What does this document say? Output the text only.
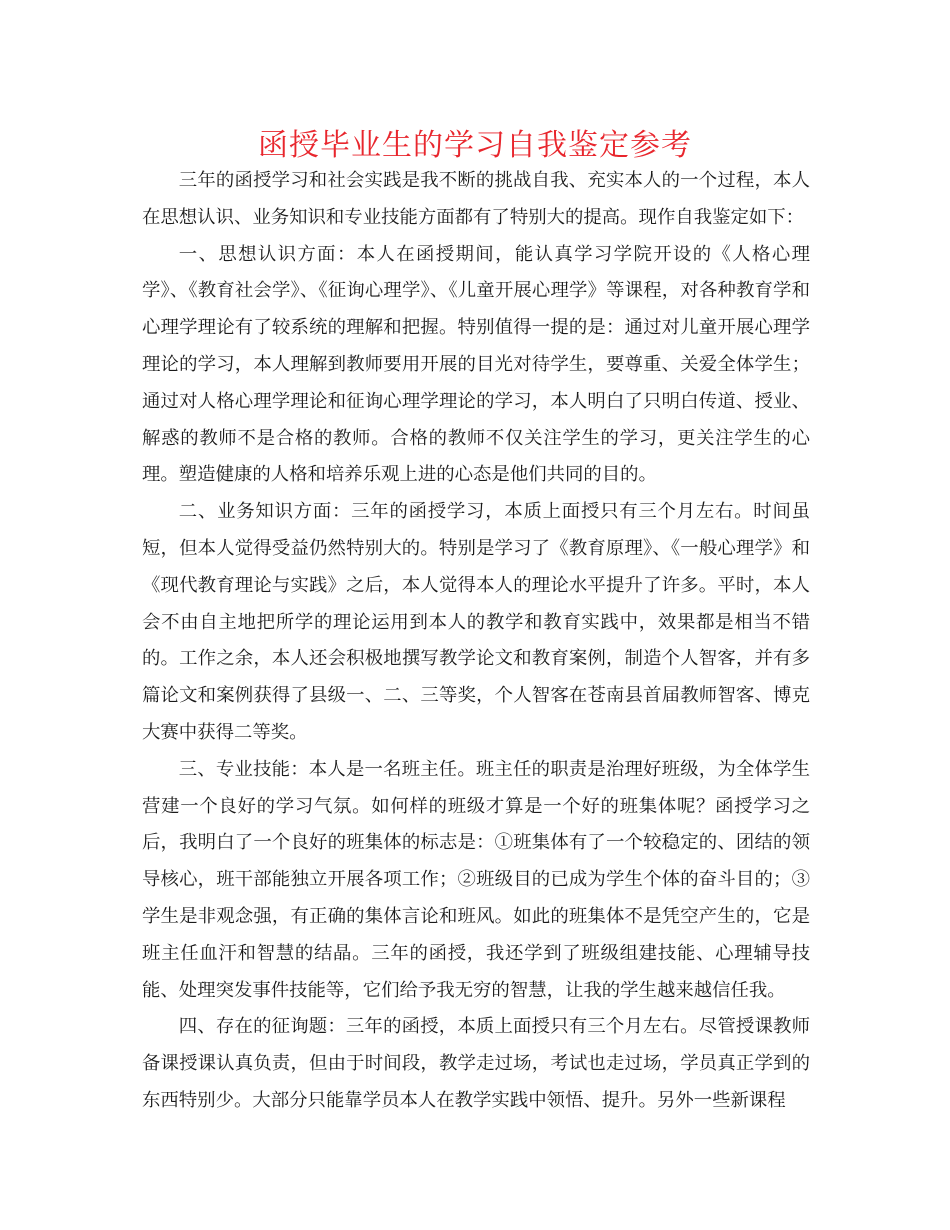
函授毕业生的学习自我鉴定参考

三年的函授学习和社会实践是我不断的挑战自我、充实本人的一个过程，本人在思想认识、业务知识和专业技能方面都有了特别大的提高。现作自我鉴定如下：

一、思想认识方面：本人在函授期间，能认真学习学院开设的《人格心理学》、《教育社会学》、《征询心理学》、《儿童开展心理学》等课程，对各种教育学和心理学理论有了较系统的理解和把握。特别值得一提的是：通过对儿童开展心理学理论的学习，本人理解到教师要用开展的目光对待学生，要尊重、关爱全体学生；通过对人格心理学理论和征询心理学理论的学习，本人明白了只明白传道、授业、解惑的教师不是合格的教师。合格的教师不仅关注学生的学习，更关注学生的心理。塑造健康的人格和培养乐观上进的心态是他们共同的目的。

二、业务知识方面：三年的函授学习，本质上面授只有三个月左右。时间虽短，但本人觉得受益仍然特别大的。特别是学习了《教育原理》、《一般心理学》和《现代教育理论与实践》之后，本人觉得本人的理论水平提升了许多。平时，本人会不由自主地把所学的理论运用到本人的教学和教育实践中，效果都是相当不错的。工作之余，本人还会积极地撰写教学论文和教育案例，制造个人智客，并有多篇论文和案例获得了县级一、二、三等奖，个人智客在苍南县首届教师智客、博克大赛中获得二等奖。

三、专业技能：本人是一名班主任。班主任的职责是治理好班级，为全体学生营建一个良好的学习气氛。如何样的班级才算是一个好的班集体呢？函授学习之后，我明白了一个良好的班集体的标志是：①班集体有了一个较稳定的、团结的领导核心，班干部能独立开展各项工作；②班级目的已成为学生个体的奋斗目的；③学生是非观念强，有正确的集体言论和班风。如此的班集体不是凭空产生的，它是班主任血汗和智慧的结晶。三年的函授，我还学到了班级组建技能、心理辅导技能、处理突发事件技能等，它们给予我无穷的智慧，让我的学生越来越信任我。

四、存在的征询题：三年的函授，本质上面授只有三个月左右。尽管授课教师备课授课认真负责，但由于时间段，教学走过场，考试也走过场，学员真正学到的东西特别少。大部分只能靠学员本人在教学实践中领悟、提升。另外一些新课程
